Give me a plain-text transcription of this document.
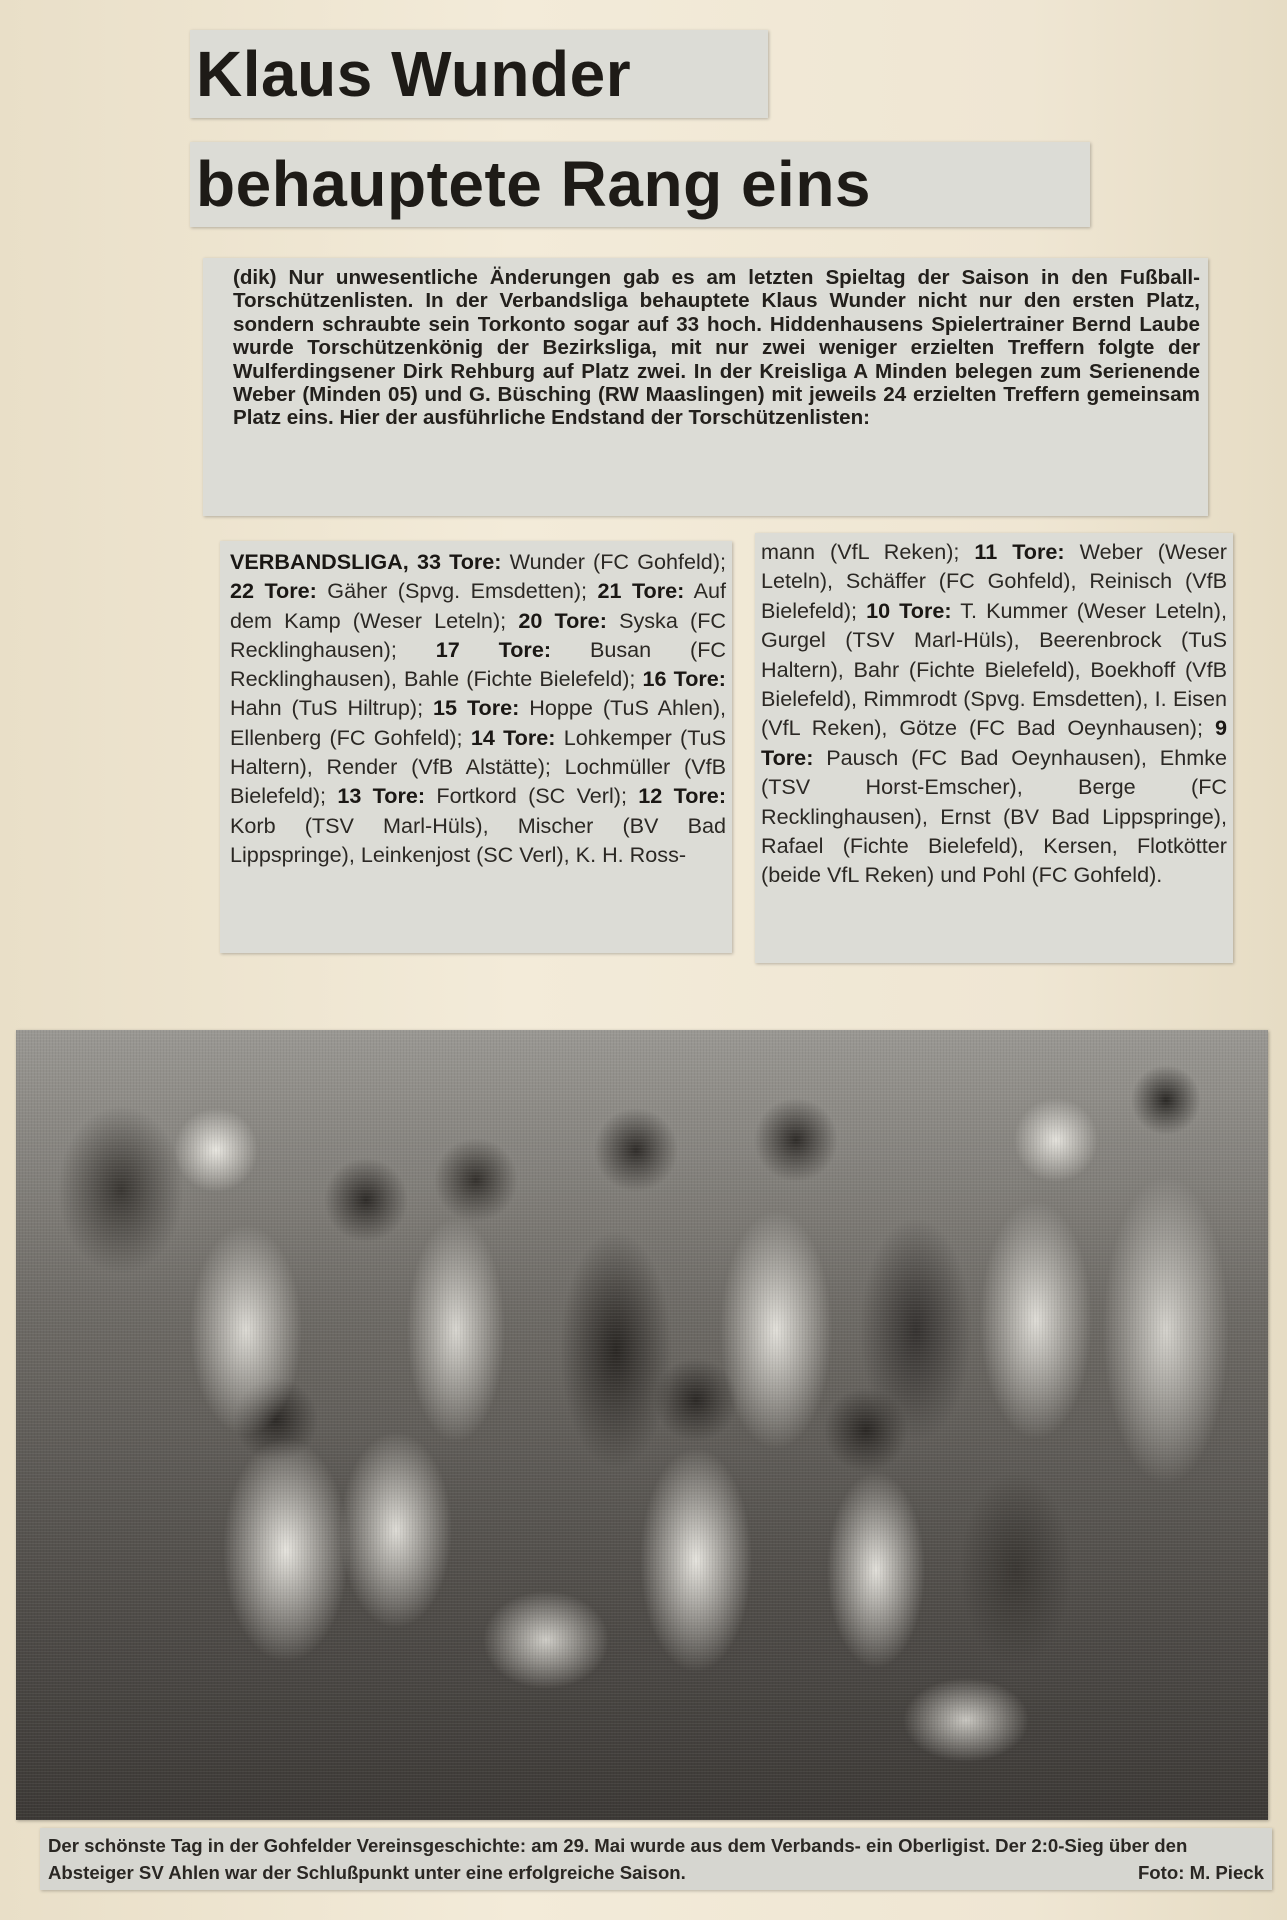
Klaus Wunder
behauptete Rang eins
(dik) Nur unwesentliche Änderungen gab es am letzten Spieltag der Saison in den Fußball-Torschützenlisten. In der Verbandsliga behauptete Klaus Wunder nicht nur den ersten Platz, sondern schraubte sein Torkonto sogar auf 33 hoch. Hiddenhausens Spielertrainer Bernd Laube wurde Torschützenkönig der Bezirksliga, mit nur zwei weniger erzielten Treffern folgte der Wulferdingsener Dirk Rehburg auf Platz zwei. In der Kreisliga A Minden belegen zum Serienende Weber (Minden 05) und G. Büsching (RW Maaslingen) mit jeweils 24 erzielten Treffern gemeinsam Platz eins. Hier der ausführliche Endstand der Torschützenlisten:
VERBANDSLIGA, 33 Tore: Wunder (FC Gohfeld); 22 Tore: Gäher (Spvg. Emsdetten); 21 Tore: Auf dem Kamp (Weser Leteln); 20 Tore: Syska (FC Recklinghausen); 17 Tore: Busan (FC Recklinghausen), Bahle (Fichte Bielefeld); 16 Tore: Hahn (TuS Hiltrup); 15 Tore: Hoppe (TuS Ahlen), Ellenberg (FC Gohfeld); 14 Tore: Lohkemper (TuS Haltern), Render (VfB Alstätte); Lochmüller (VfB Bielefeld); 13 Tore: Fortkord (SC Verl); 12 Tore: Korb (TSV Marl-Hüls), Mischer (BV Bad Lippspringe), Leinkenjost (SC Verl), K. H. Ross-
mann (VfL Reken); 11 Tore: Weber (Weser Leteln), Schäffer (FC Gohfeld), Reinisch (VfB Bielefeld); 10 Tore: T. Kummer (Weser Leteln), Gurgel (TSV Marl-Hüls), Beerenbrock (TuS Haltern), Bahr (Fichte Bielefeld), Boekhoff (VfB Bielefeld), Rimmrodt (Spvg. Emsdetten), I. Eisen (VfL Reken), Götze (FC Bad Oeynhausen); 9 Tore: Pausch (FC Bad Oeynhausen), Ehmke (TSV Horst-Emscher), Berge (FC Recklinghausen), Ernst (BV Bad Lippspringe), Rafael (Fichte Bielefeld), Kersen, Flotkötter (beide VfL Reken) und Pohl (FC Gohfeld).
Der schönste Tag in der Gohfelder Vereinsgeschichte: am 29. Mai wurde aus dem Verbands- ein Oberligist. Der 2:0-Sieg über den Absteiger SV Ahlen war der Schlußpunkt unter eine erfolgreiche Saison.	Foto: M. Pieck
